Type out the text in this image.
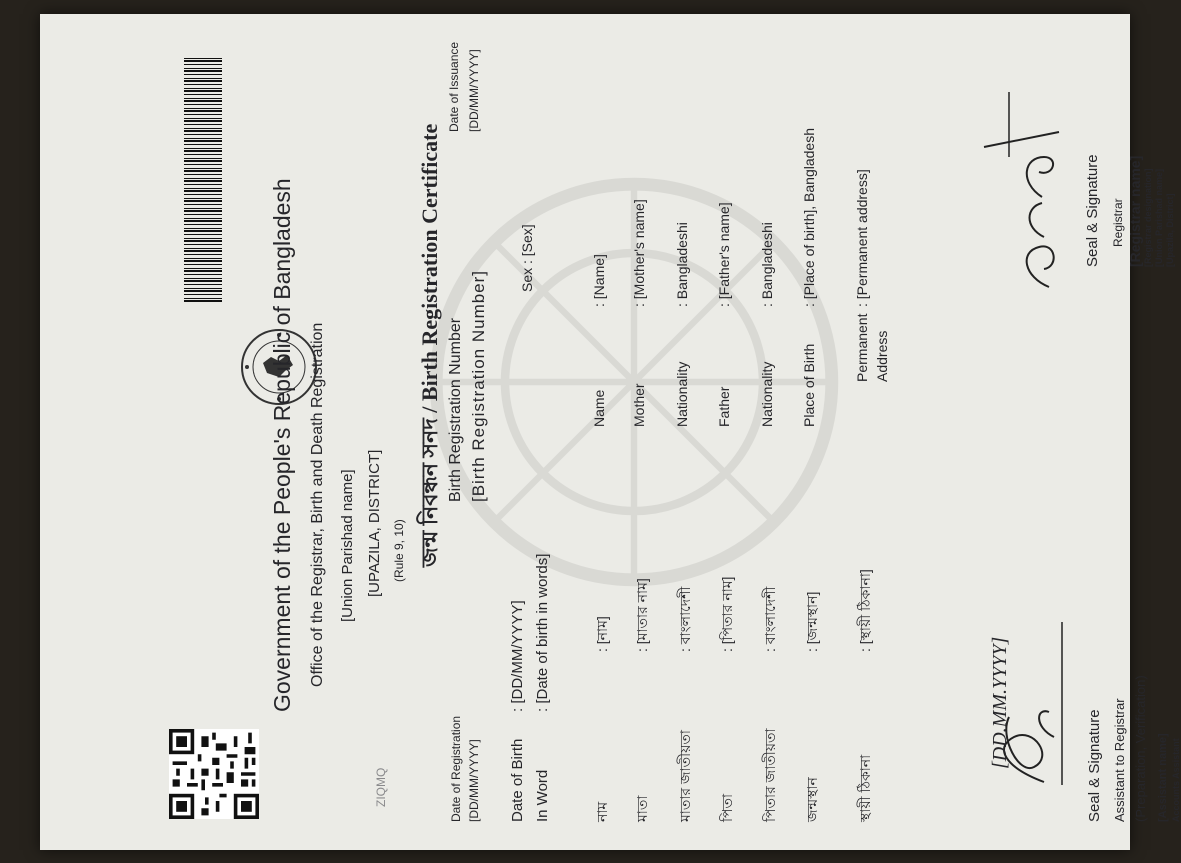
ZIQMQ
Government of the People's Republic of Bangladesh Office of the Registrar, Birth and Death Registration [Union Parishad name] [UPAZILA, DISTRICT] (Rule 9, 10) জন্ম নিবন্ধন সনদ / Birth Registration Certificate
Date of Registration [DD/MM/YYYY]
Birth Registration Number [Birth Registration Number]
Date of Issuance [DD/MM/YYYY]
Date of Birth
: [DD/MM/YYYY]
In Word
: [Date of birth in words]
Sex : [Sex]
নাম
: [নাম]
Name
: [Name]
মাতা
: [মাতার নাম]
Mother
: [Mother's name]
মাতার জাতীয়তা
: বাংলাদেশী
Nationality
: Bangladeshi
পিতা
: [পিতার নাম]
Father
: [Father's name]
পিতার জাতীয়তা
: বাংলাদেশী
Nationality
: Bangladeshi
জন্মস্থান
: [জন্মস্থান]
Place of Birth
: [Place of birth], Bangladesh
স্থায়ী ঠিকানা
: [স্থায়ী ঠিকানা]
Permanent Address
: [Permanent address]
[DD.MM.YYYY]	Seal & Signature Assistant to Registrar (Preparation, Verification) [Assistant name] Accounts Assistant
Seal & Signature Registrar [Registrar name] [Registrar designation] [Union Parishad name] [Upazila, District]
